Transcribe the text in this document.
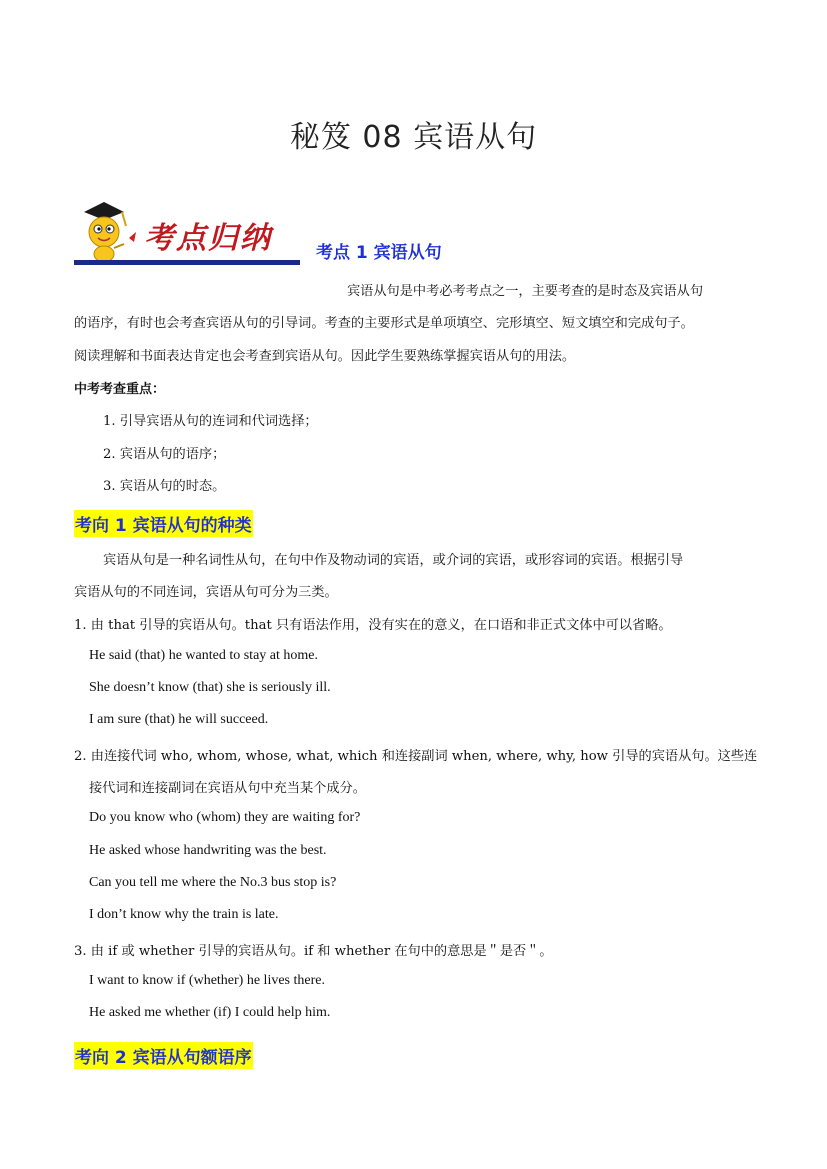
秘笈 08 宾语从句
考点归纳	考点 1 宾语从句
宾语从句是中考必考考点之一，主要考查的是时态及宾语从句
的语序，有时也会考查宾语从句的引导词。考查的主要形式是单项填空、完形填空、短文填空和完成句子。
阅读理解和书面表达肯定也会考查到宾语从句。因此学生要熟练掌握宾语从句的用法。
中考考查重点：
1. 引导宾语从句的连词和代词选择；
2. 宾语从句的语序；
3. 宾语从句的时态。
考向 1 宾语从句的种类
宾语从句是一种名词性从句，在句中作及物动词的宾语，或介词的宾语，或形容词的宾语。根据引导
宾语从句的不同连词，宾语从句可分为三类。
1. 由 that 引导的宾语从句。that 只有语法作用，没有实在的意义，在口语和非正式文体中可以省略。
He said (that) he wanted to stay at home.
She doesn’t know (that) she is seriously ill.
I am sure (that) he will succeed.
2. 由连接代词 who, whom, whose, what, which 和连接副词 when, where, why, how 引导的宾语从句。这些连
接代词和连接副词在宾语从句中充当某个成分。
Do you know who (whom) they are waiting for?
He asked whose handwriting was the best.
Can you tell me where the No.3 bus stop is?
I don’t know why the train is late.
3. 由 if 或 whether 引导的宾语从句。if 和 whether 在句中的意思是＂是否＂。
I want to know if (whether) he lives there.
He asked me whether (if) I could help him.
考向 2 宾语从句额语序
